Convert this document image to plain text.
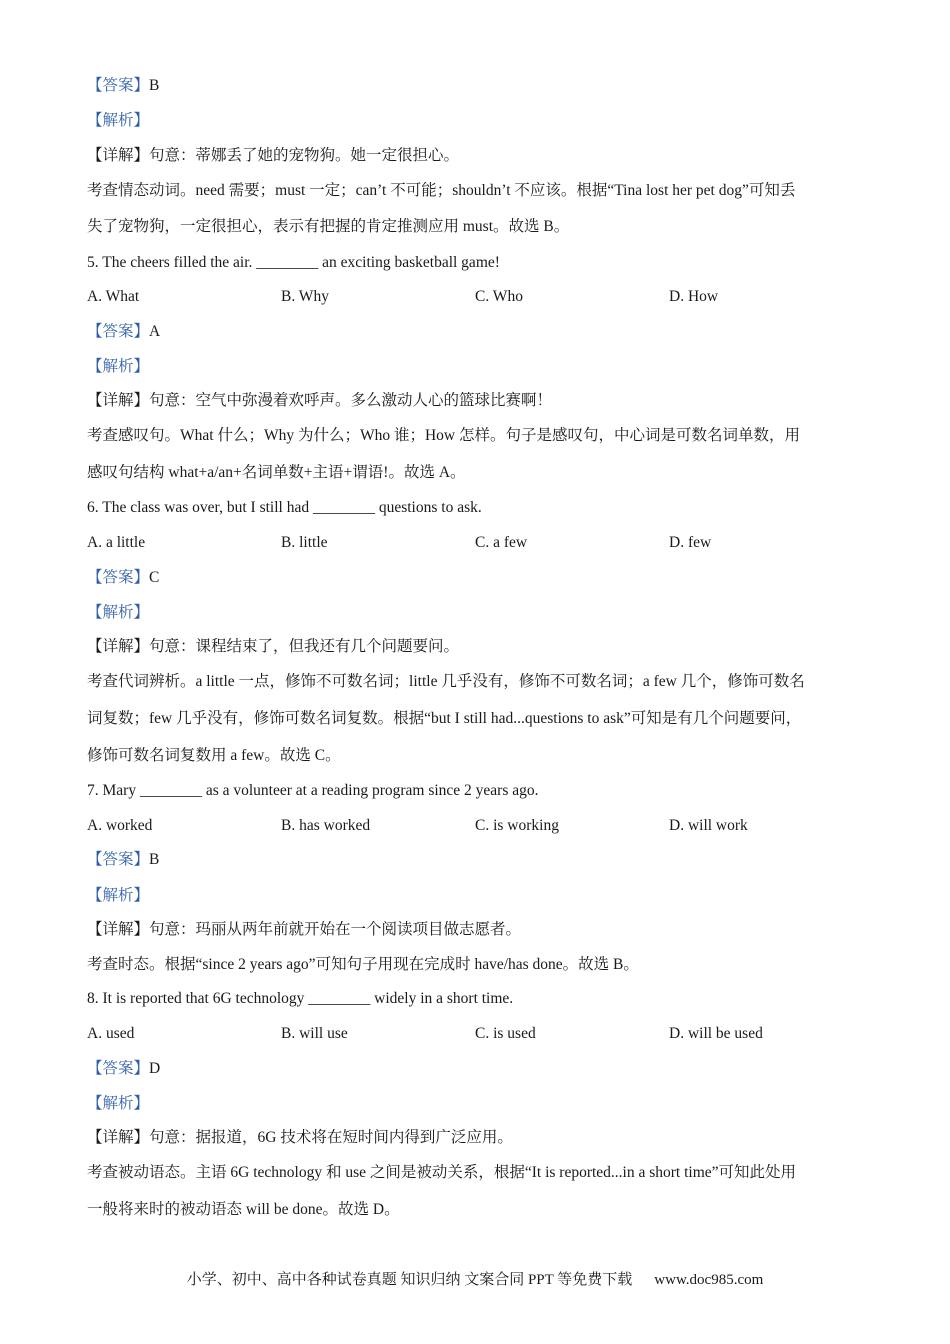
【答案】B
【解析】
【详解】句意：蒂娜丢了她的宠物狗。她一定很担心。
考查情态动词。need 需要；must 一定；can’t 不可能；shouldn’t 不应该。根据“Tina lost her pet dog”可知丢
失了宠物狗，一定很担心，表示有把握的肯定推测应用 must。故选 B。
5. The cheers filled the air. ________ an exciting basketball game!
A. What	B. Why	C. Who	D. How
【答案】A
【解析】
【详解】句意：空气中弥漫着欢呼声。多么激动人心的篮球比赛啊！
考查感叹句。What 什么；Why 为什么；Who 谁；How 怎样。句子是感叹句，中心词是可数名词单数，用
感叹句结构 what+a/an+名词单数+主语+谓语!。故选 A。
6. The class was over, but I still had ________ questions to ask.
A. a little	B. little	C. a few	D. few
【答案】C
【解析】
【详解】句意：课程结束了，但我还有几个问题要问。
考查代词辨析。a little 一点，修饰不可数名词；little 几乎没有，修饰不可数名词；a few 几个，修饰可数名
词复数；few 几乎没有，修饰可数名词复数。根据“but I still had...questions to ask”可知是有几个问题要问，
修饰可数名词复数用 a few。故选 C。
7. Mary ________ as a volunteer at a reading program since 2 years ago.
A. worked	B. has worked	C. is working	D. will work
【答案】B
【解析】
【详解】句意：玛丽从两年前就开始在一个阅读项目做志愿者。
考查时态。根据“since 2 years ago”可知句子用现在完成时 have/has done。故选 B。
8. It is reported that 6G technology ________ widely in a short time.
A. used	B. will use	C. is used	D. will be used
【答案】D
【解析】
【详解】句意：据报道，6G 技术将在短时间内得到广泛应用。
考查被动语态。主语 6G technology 和 use 之间是被动关系，根据“It is reported...in a short time”可知此处用
一般将来时的被动语态 will be done。故选 D。
小学、初中、高中各种试卷真题 知识归纳 文案合同 PPT 等免费下载 www.doc985.com
